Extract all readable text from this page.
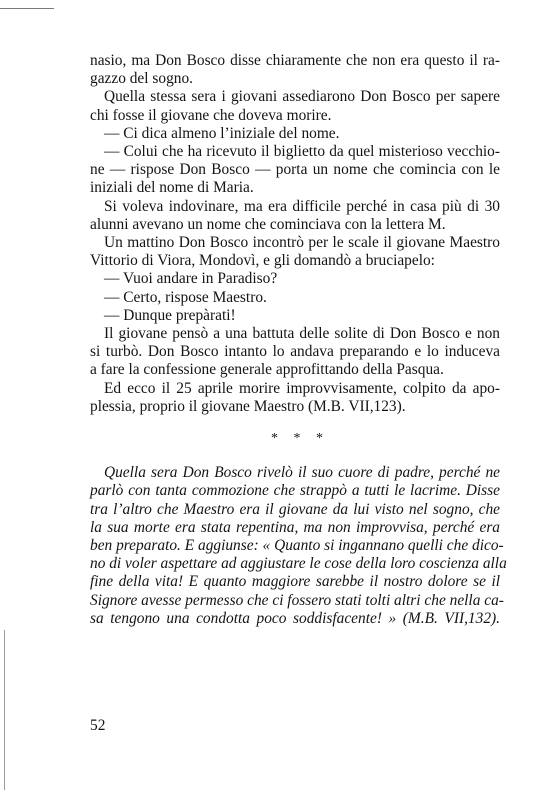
nasio, ma Don Bosco disse chiaramente che non era questo il ra-
gazzo del sogno.
Quella stessa sera i giovani assediarono Don Bosco per sapere
chi fosse il giovane che doveva morire.
— Ci dica almeno l’iniziale del nome.
— Colui che ha ricevuto il biglietto da quel misterioso vecchio-
ne — rispose Don Bosco — porta un nome che comincia con le
iniziali del nome di Maria.
Si voleva indovinare, ma era difficile perché in casa più di 30
alunni avevano un nome che cominciava con la lettera M.
Un mattino Don Bosco incontrò per le scale il giovane Maestro
Vittorio di Viora, Mondovì, e gli domandò a bruciapelo:
— Vuoi andare in Paradiso?
— Certo, rispose Maestro.
— Dunque prepàrati!
Il giovane pensò a una battuta delle solite di Don Bosco e non
si turbò. Don Bosco intanto lo andava preparando e lo induceva
a fare la confessione generale approfittando della Pasqua.
Ed ecco il 25 aprile morire improvvisamente, colpito da apo-
plessia, proprio il giovane Maestro (M.B. VII,123).
* * *
Quella sera Don Bosco rivelò il suo cuore di padre, perché ne
parlò con tanta commozione che strappò a tutti le lacrime. Disse
tra l’altro che Maestro era il giovane da lui visto nel sogno, che
la sua morte era stata repentina, ma non improvvisa, perché era
ben preparato. E aggiunse: « Quanto si ingannano quelli che dico-
no di voler aspettare ad aggiustare le cose della loro coscienza alla
fine della vita! E quanto maggiore sarebbe il nostro dolore se il
Signore avesse permesso che ci fossero stati tolti altri che nella ca-
sa tengono una condotta poco soddisfacente! » (M.B. VII,132).
52
